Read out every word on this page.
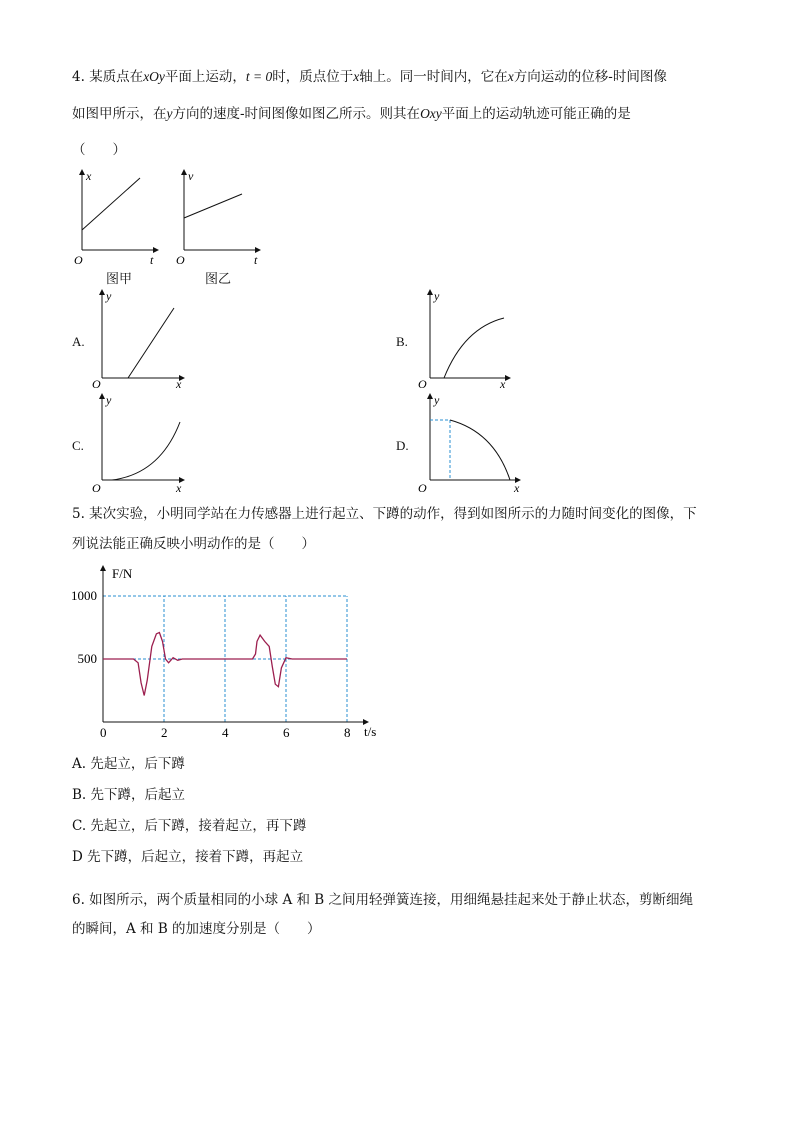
4. 某质点在xOy平面上运动，t = 0时，质点位于x轴上。同一时间内，它在x方向运动的位移-时间图像
如图甲所示，在y方向的速度-时间图像如图乙所示。则其在Oxy平面上的运动轨迹可能正确的是
（　　）
x
O	t
v
O	t
图甲	图乙
A.	B.
C.	D.
y
O	x
y
O	x
y
O	x
y
O	x
5. 某次实验，小明同学站在力传感器上进行起立、下蹲的动作，得到如图所示的力随时间变化的图像，下
列说法能正确反映小明动作的是（　　）
F/N
t/s
0	2	4	6	8
500
1000
A. 先起立，后下蹲
B. 先下蹲，后起立
C. 先起立，后下蹲，接着起立，再下蹲
D 先下蹲，后起立，接着下蹲，再起立
6. 如图所示，两个质量相同的小球 A 和 B 之间用轻弹簧连接，用细绳悬挂起来处于静止状态，剪断细绳
的瞬间，A 和 B 的加速度分别是（　　）
